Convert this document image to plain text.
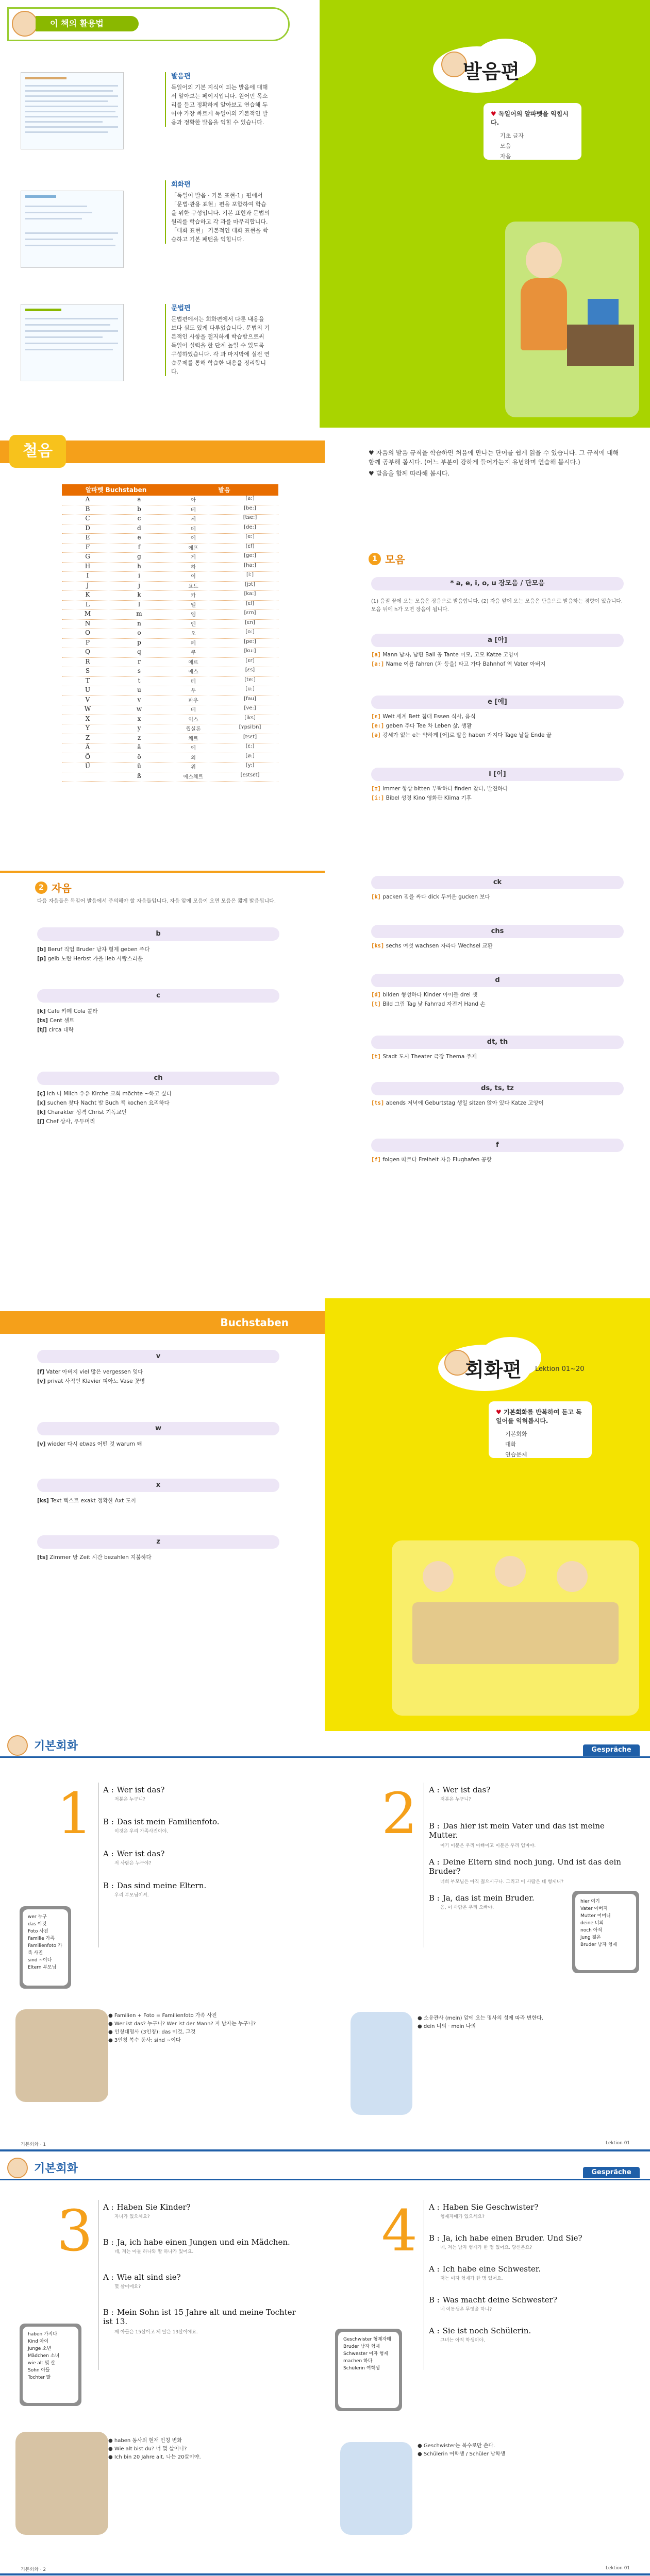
이 책의 활용법
발음편

독일어의 기본 지식이 되는 발음에 대해서 알아보는 페이지입니다. 원어민 목소리를 듣고 정확하게 알아보고 연습해 두어야 가장 빠르게 독일어의 기본적인 발음과 정확한 발음을 익힐 수 있습니다.

회화편

「독일어 발음 · 기본 표현·1」편에서 「문법·관용 표현」편을 포함하여 학습을 위한 구성입니다. 기본 표현과 문법의 원리를 학습하고 각 과를 마무리합니다. 「대화 표현」 기본적인 대화 표현을 학습하고 기본 패턴을 익힙니다.

문법편

문법편에서는 회화편에서 다룬 내용을 보다 심도 있게 다루었습니다. 문법의 기본적인 사항을 철저하게 학습함으로써 독일어 실력을 한 단계 높일 수 있도록 구성하였습니다. 각 과 마지막에 실전 연습문제를 통해 학습한 내용을 정리합니다.

발음편
♥ 독일어의 알파벳을 익힙시다.
기초 글자
모음
자음
철음
알파벳 Buchstaben	발음
A	a	아	[a:]
B	b	베	[be:]
C	c	체	[tse:]
D	d	데	[de:]
E	e	에	[e:]
F	f	에프	[ɛf]
G	g	게	[ge:]
H	h	하	[ha:]
I	i	이	[i:]
J	j	요트	[jɔt]
K	k	카	[ka:]
L	l	엘	[ɛl]
M	m	엠	[ɛm]
N	n	엔	[ɛn]
O	o	오	[o:]
P	p	페	[pe:]
Q	q	쿠	[ku:]
R	r	에르	[ɛr]
S	s	에스	[ɛs]
T	t	테	[te:]
U	u	우	[u:]
V	v	파우	[fau]
W	w	베	[ve:]
X	x	익스	[iks]
Y	y	윕실론	[ʏpsilɔn]
Z	z	체트	[tsɛt]
Ä	ä	에	[ɛ:]
Ö	ö	외	[ø:]
Ü	ü	위	[y:]
ß	에스체트	[ɛstsɛt]

♥ 자음의 발음 규칙을 학습하면 처음에 만나는 단어를 쉽게 읽을 수 있습니다. 그 규칙에 대해 함께 공부해 봅시다. (어느 부분이 강하게 들어가는지 유념하며 연습해 봅시다.)

♥ 발음을 함께 따라해 봅시다.

1 모음
* a, e, i, o, u 장모음 / 단모음
(1) 음절 끝에 오는 모음은 장음으로 발음합니다. (2) 자음 앞에 오는 모음은 단음으로 발음하는 경향이 있습니다. 모음 뒤에 h가 오면 장음이 됩니다.
a [아]
[a] Mann 남자, 남편 Ball 공 Tante 이모, 고모 Katze 고양이
[a:] Name 이름 fahren (차 등을) 타고 가다 Bahnhof 역 Vater 아버지
e [에]
[ɛ] Welt 세계 Bett 침대 Essen 식사, 음식
[e:] geben 주다 Tee 차 Leben 삶, 생활
[ə] 강세가 없는 e는 약하게 [어]로 발음 haben 가지다 Tage 날들 Ende 끝
i [이]
[ɪ] immer 항상 bitten 부탁하다 finden 찾다, 발견하다
[i:] Bibel 성경 Kino 영화관 Klima 기후
2 자음
다음 자음들은 독일어 발음에서 주의해야 할 자음들입니다. 자음 앞에 모음이 오면 모음은 짧게 발음됩니다.
b
[b] Beruf 직업 Bruder 남자 형제 geben 주다
[p] gelb 노란 Herbst 가을 lieb 사랑스러운
c
[k] Cafe 카페 Cola 콜라
[ts] Cent 센트
[tʃ] circa 대략
ch
[ç] ich 나 Milch 우유 Kirche 교회 möchte ~하고 싶다
[x] suchen 찾다 Nacht 밤 Buch 책 kochen 요리하다
[k] Charakter 성격 Christ 기독교인
[ʃ] Chef 상사, 우두머리
ck
[k] packen 짐을 싸다 dick 두꺼운 gucken 보다
chs
[ks] sechs 여섯 wachsen 자라다 Wechsel 교환
d
[d] bilden 형성하다 Kinder 아이들 drei 셋
[t] Bild 그림 Tag 낮 Fahrrad 자전거 Hand 손
dt, th
[t] Stadt 도시 Theater 극장 Thema 주제
ds, ts, tz
[ts] abends 저녁에 Geburtstag 생일 sitzen 앉아 있다 Katze 고양이
f
[f] folgen 따르다 Freiheit 자유 Flughafen 공항
Buchstaben
v
[f] Vater 아버지 viel 많은 vergessen 잊다
[v] privat 사적인 Klavier 피아노 Vase 꽃병
w
[v] wieder 다시 etwas 어떤 것 warum 왜
x
[ks] Text 텍스트 exakt 정확한 Axt 도끼
z
[ts] Zimmer 방 Zeit 시간 bezahlen 지불하다
회화편 Lektion 01~20
♥ 기본회화를 반복하여 듣고 독일어를 익혀봅시다.
기본회화
대화
연습문제
기본회화	Gespräche
1 A : Wer ist das?
저분은 누구니?
B : Das ist mein Familienfoto.
이것은 우리 가족사진이야.
A : Wer ist das?
저 사람은 누구야?
B : Das sind meine Eltern.
우리 부모님이셔.
wer 누구
das 이것
Foto 사진
Familie 가족
Familienfoto 가족 사진
sind ~이다
Eltern 부모님
● Familien + Foto = Familienfoto 가족 사진
● Wer ist das? 누구니? Wer ist der Mann? 저 남자는 누구니?
● 인칭대명사 (3인칭): das 이것, 그것
● 3인칭 복수 동사: sind ~이다
기본회화 · 1
2 A : Wer ist das?
저분은 누구니?
B : Das hier ist mein Vater und das ist meine Mutter.
여기 이분은 우리 아빠이고 이분은 우리 엄마야.
A : Deine Eltern sind noch jung. Und ist das dein Bruder?
너희 부모님은 아직 젊으시구나. 그리고 이 사람은 네 형제니?
B : Ja, das ist mein Bruder.
응, 이 사람은 우리 오빠야.
hier 여기
Vater 아버지
Mutter 어머니
deine 너의
noch 아직
jung 젊은
Bruder 남자 형제
● 소유관사 (mein) 앞에 오는 명사의 성에 따라 변한다.
● dein 너의 · mein 나의
Lektion 01
기본회화	Gespräche
3 A : Haben Sie Kinder?
자녀가 있으세요?
B : Ja, ich habe einen Jungen und ein Mädchen.
네, 저는 아들 하나와 딸 하나가 있어요.
A : Wie alt sind sie?
몇 살이에요?
B : Mein Sohn ist 15 Jahre alt und meine Tochter ist 13.
제 아들은 15살이고 제 딸은 13살이에요.
haben 가지다
Kind 아이
Junge 소년
Mädchen 소녀
wie alt 몇 살
Sohn 아들
Tochter 딸
● haben 동사의 현재 인칭 변화
● Wie alt bist du? 너 몇 살이니?
● Ich bin 20 Jahre alt. 나는 20살이야.
기본회화 · 2
4 A : Haben Sie Geschwister?
형제자매가 있으세요?
B : Ja, ich habe einen Bruder. Und Sie?
네, 저는 남자 형제가 한 명 있어요. 당신은요?
A : Ich habe eine Schwester.
저는 여자 형제가 한 명 있어요.
B : Was macht deine Schwester?
네 여동생은 무엇을 하니?
A : Sie ist noch Schülerin.
그녀는 아직 학생이야.
Geschwister 형제자매
Bruder 남자 형제
Schwester 여자 형제
machen 하다
Schülerin 여학생
● Geschwister는 복수로만 쓴다.
● Schülerin 여학생 / Schüler 남학생
Lektion 01
